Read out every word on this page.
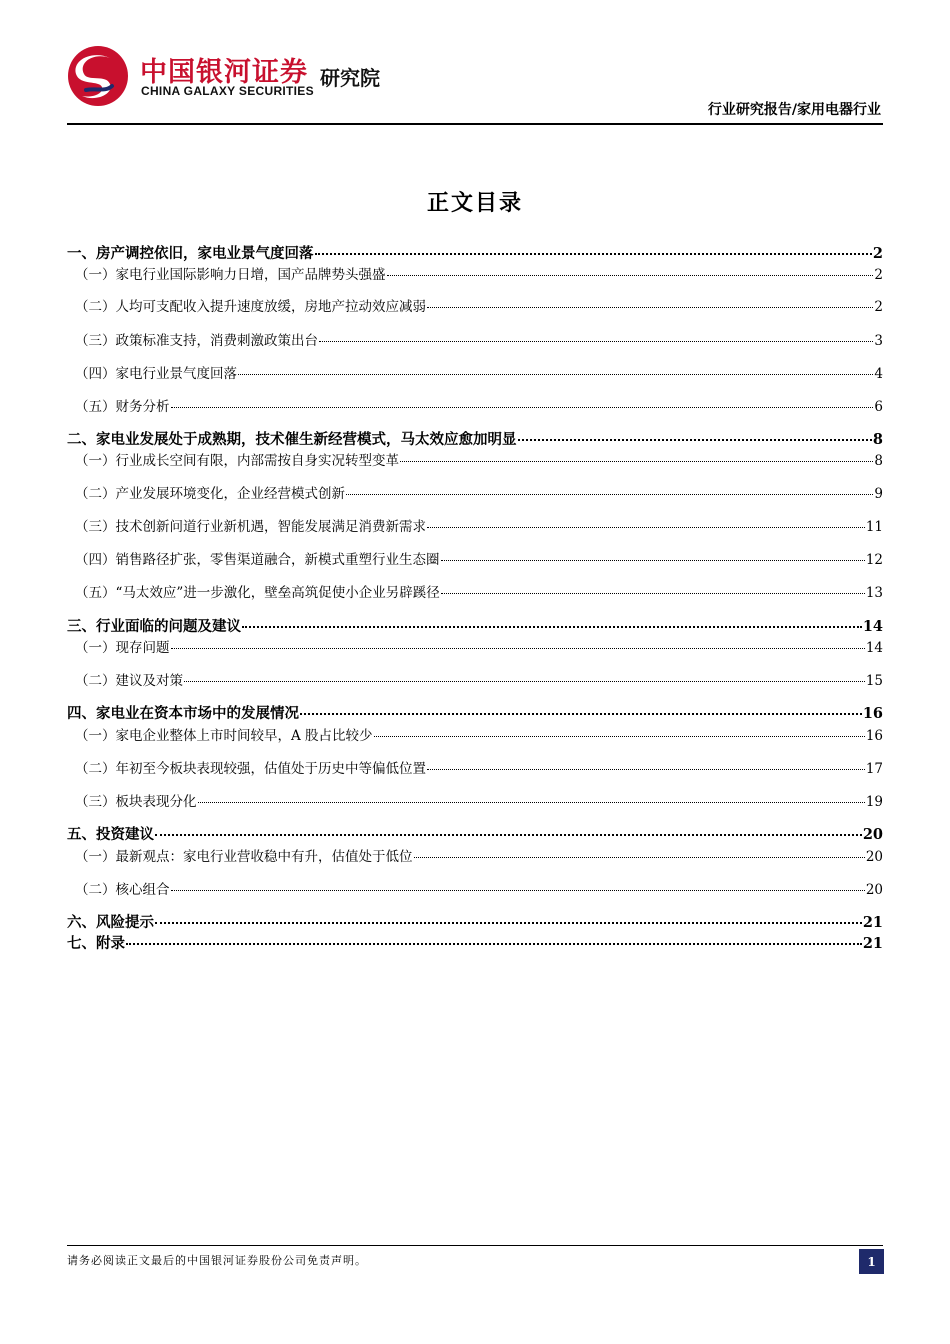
中国银河证券
CHINA GALAXY SECURITIES
研究院
行业研究报告/家用电器行业
正文目录
一、房产调控依旧，家电业景气度回落	2
（一）家电行业国际影响力日增，国产品牌势头强盛	2
（二）人均可支配收入提升速度放缓，房地产拉动效应减弱	2
（三）政策标准支持，消费刺激政策出台	3
（四）家电行业景气度回落	4
（五）财务分析	6
二、家电业发展处于成熟期，技术催生新经营模式，马太效应愈加明显	8
（一）行业成长空间有限，内部需按自身实况转型变革	8
（二）产业发展环境变化，企业经营模式创新	9
（三）技术创新问道行业新机遇，智能发展满足消费新需求	11
（四）销售路径扩张，零售渠道融合，新模式重塑行业生态圈	12
（五）“马太效应”进一步激化，壁垒高筑促使小企业另辟蹊径	13
三、行业面临的问题及建议	14
（一）现存问题	14
（二）建议及对策	15
四、家电业在资本市场中的发展情况	16
（一）家电企业整体上市时间较早，A 股占比较少	16
（二）年初至今板块表现较强，估值处于历史中等偏低位置	17
（三）板块表现分化	19
五、投资建议	20
（一）最新观点：家电行业营收稳中有升，估值处于低位	20
（二）核心组合	20
六、风险提示	21
七、附录	21
请务必阅读正文最后的中国银河证券股份公司免责声明。	1
